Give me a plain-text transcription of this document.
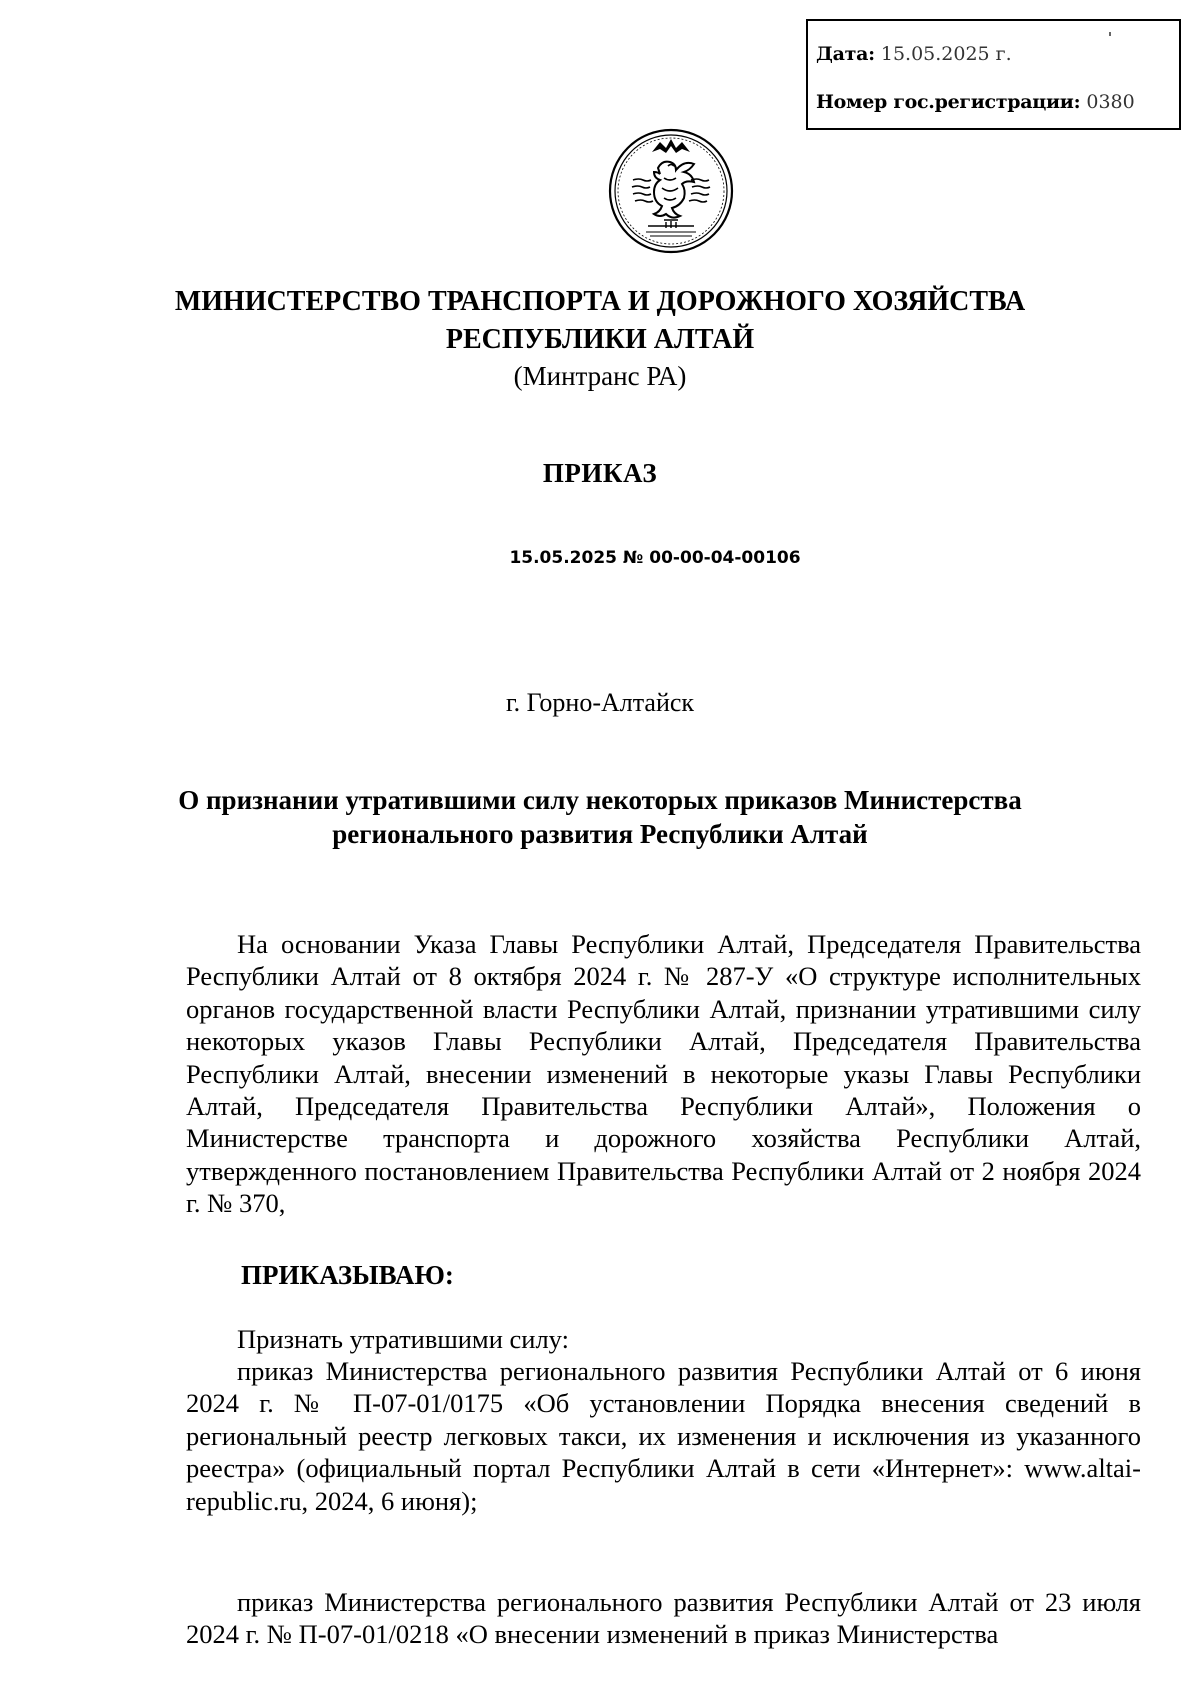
Дата: 15.05.2025 г.
Номер гос.регистрации: 0380
МИНИСТЕРСТВО ТРАНСПОРТА И ДОРОЖНОГО ХОЗЯЙСТВА
РЕСПУБЛИКИ АЛТАЙ
(Минтранс РА)
ПРИКАЗ
15.05.2025 № 00-00-04-00106
г. Горно-Алтайск
О признании утратившими силу некоторых приказов Министерства
регионального развития Республики Алтай

На основании Указа Главы Республики Алтай, Председателя Правительства Республики Алтай от 8 октября 2024 г. № 287-У «О структуре исполнительных органов государственной власти Республики Алтай, признании утратившими силу некоторых указов Главы Республики Алтай, Председателя Правительства Республики Алтай, внесении изменений в некоторые указы Главы Республики Алтай, Председателя Правительства Республики Алтай», Положения о Министерстве транспорта и дорожного хозяйства Республики Алтай, утвержденного постановлением Правительства Республики Алтай от 2 ноября 2024 г. № 370,

ПРИКАЗЫВАЮ:

Признать утратившими силу:

приказ Министерства регионального развития Республики Алтай от 6 июня 2024 г. № П-07-01/0175 «Об установлении Порядка внесения сведений в региональный реестр легковых такси, их изменения и исключения из указанного реестра» (официальный портал Республики Алтай в сети «Интернет»: www.altai-republic.ru, 2024, 6 июня);

приказ Министерства регионального развития Республики Алтай от 23 июля 2024 г. № П-07-01/0218 «О внесении изменений в приказ Министерства
